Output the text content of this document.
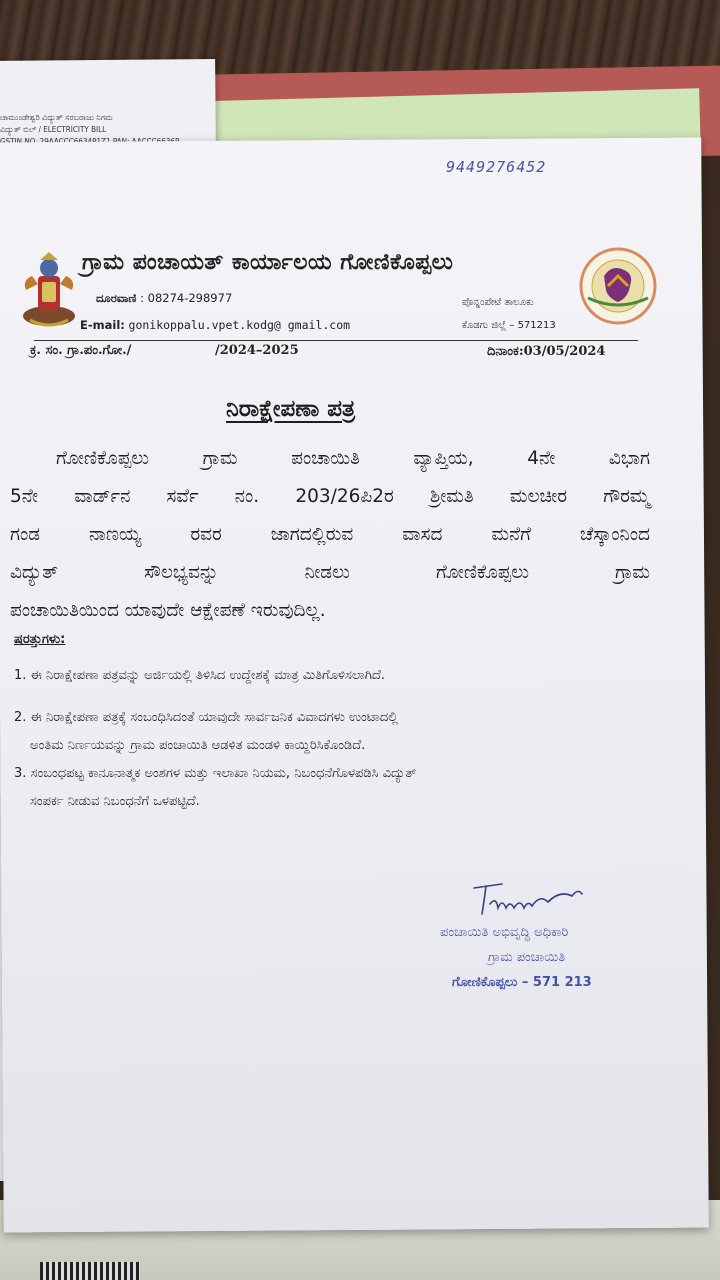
ಚಾಮುಂಡೇಶ್ವರಿ ವಿದ್ಯುತ್ ಸರಬರಾಜು ನಿಗಮ
ವಿದ್ಯುತ್ ಬಿಲ್ / ELECTRICITY BILL
9449276452
ಗ್ರಾಮ ಪಂಚಾಯತ್ ಕಾರ್ಯಾಲಯ ಗೋಣಿಕೊಪ್ಪಲು
ದೂರವಾಣಿ : 08274-298977
E-mail: gonikoppalu.vpet.kodg@ gmail.com
ಪೊನ್ನಂಪೇಟೆ ತಾಲೂಕು
ಕೊಡಗು ಜಿಲ್ಲೆ – 571213
ಕ್ರ. ಸಂ. ಗ್ರಾ.ಪಂ.ಗೋ./	/2024–2025	ದಿನಾಂಕ:03/05/2024
ನಿರಾಕ್ಷೇಪಣಾ ಪತ್ರ
ಗೋಣಿಕೊಪ್ಪಲು ಗ್ರಾಮ ಪಂಚಾಯಿತಿ ವ್ಯಾಪ್ತಿಯ, 4ನೇ ವಿಭಾಗ
5ನೇ ವಾರ್ಡ್‌ನ ಸರ್ವೆ ನಂ. 203/26ಪಿ2ರ ಶ್ರೀಮತಿ ಮಲಚೀರ ಗೌರಮ್ಮ
ಗಂಡ ನಾಣಯ್ಯ ರವರ ಜಾಗದಲ್ಲಿರುವ ವಾಸದ ಮನೆಗೆ ಚೆಸ್ಕಾಂನಿಂದ
ವಿದ್ಯುತ್ ಸೌಲಭ್ಯವನ್ನು ನೀಡಲು ಗೋಣಿಕೊಪ್ಪಲು ಗ್ರಾಮ
ಪಂಚಾಯಿತಿಯಿಂದ ಯಾವುದೇ ಆಕ್ಷೇಪಣೆ ಇರುವುದಿಲ್ಲ.
ಷರತ್ತುಗಳು:
1. ಈ ನಿರಾಕ್ಷೇಪಣಾ ಪತ್ರವನ್ನು ಅರ್ಜಿಯಲ್ಲಿ ತಿಳಿಸಿದ ಉದ್ದೇಶಕ್ಕೆ ಮಾತ್ರ ಮಿತಿಗೊಳಿಸಲಾಗಿದೆ.
2. ಈ ನಿರಾಕ್ಷೇಪಣಾ ಪತ್ರಕ್ಕೆ ಸಂಬಂಧಿಸಿದಂತೆ ಯಾವುದೇ ಸಾರ್ವಜನಿಕ ವಿವಾದಗಳು ಉಂಟಾದಲ್ಲಿ
ಅಂತಿಮ ನಿರ್ಣಯವನ್ನು ಗ್ರಾಮ ಪಂಚಾಯಿತಿ ಆಡಳಿತ ಮಂಡಳಿ ಕಾಯ್ದಿರಿಸಿಕೊಂಡಿದೆ.
3. ಸಂಬಂಧಪಟ್ಟ ಕಾನೂನಾತ್ಮಕ ಅಂಶಗಳ ಮತ್ತು ಇಲಾಖಾ ನಿಯಮ, ನಿಬಂಧನೆಗೊಳಪಡಿಸಿ ವಿದ್ಯುತ್
ಸಂಪರ್ಕ ನೀಡುವ ನಿಬಂಧನೆಗೆ ಒಳಪಟ್ಟಿದೆ.
ಪಂಚಾಯಿತಿ ಅಭಿವೃದ್ಧಿ ಅಧಿಕಾರಿ
ಗ್ರಾಮ ಪಂಚಾಯಿತಿ
ಗೋಣಿಕೊಪ್ಪಲು – 571 213
